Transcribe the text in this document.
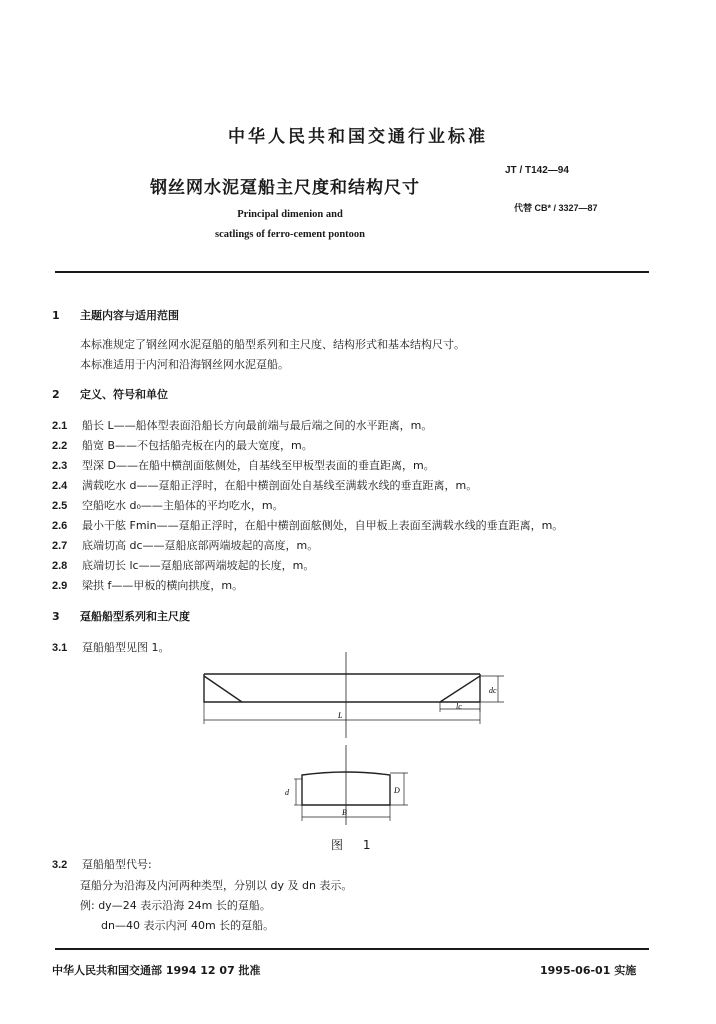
中华人民共和国交通行业标准
JT / T142—94
钢丝网水泥趸船主尺度和结构尺寸
代替 CB* / 3327—87
Principal dimenion and
scatlings of ferro-cement pontoon
1 主题内容与适用范围
本标准规定了钢丝网水泥趸船的船型系列和主尺度、结构形式和基本结构尺寸。
本标准适用于内河和沿海钢丝网水泥趸船。
2 定义、符号和单位
2.1 船长 L——船体型表面沿船长方向最前端与最后端之间的水平距离，m。
2.2 船宽 B——不包括船壳板在内的最大宽度，m。
2.3 型深 D——在船中横剖面舷侧处，自基线至甲板型表面的垂直距离，m。
2.4 满载吃水 d——趸船正浮时，在船中横剖面处自基线至满载水线的垂直距离，m。
2.5 空船吃水 d₀——主船体的平均吃水，m。
2.6 最小干舷 Fmin——趸船正浮时，在船中横剖面舷侧处，自甲板上表面至满载水线的垂直距离，m。
2.7 底端切高 dc——趸船底部两端坡起的高度，m。
2.8 底端切长 lc——趸船底部两端坡起的长度，m。
2.9 梁拱 f——甲板的横向拱度，m。
3 趸船船型系列和主尺度
3.1 趸船船型见图 1。
dc
lc
L
d	D
B
图 1
3.2 趸船船型代号:
趸船分为沿海及内河两种类型，分别以 dy 及 dn 表示。
例: dy—24 表示沿海 24m 长的趸船。
dn—40 表示内河 40m 长的趸船。
中华人民共和国交通部 1994 12 07 批准	1995-06-01 实施
